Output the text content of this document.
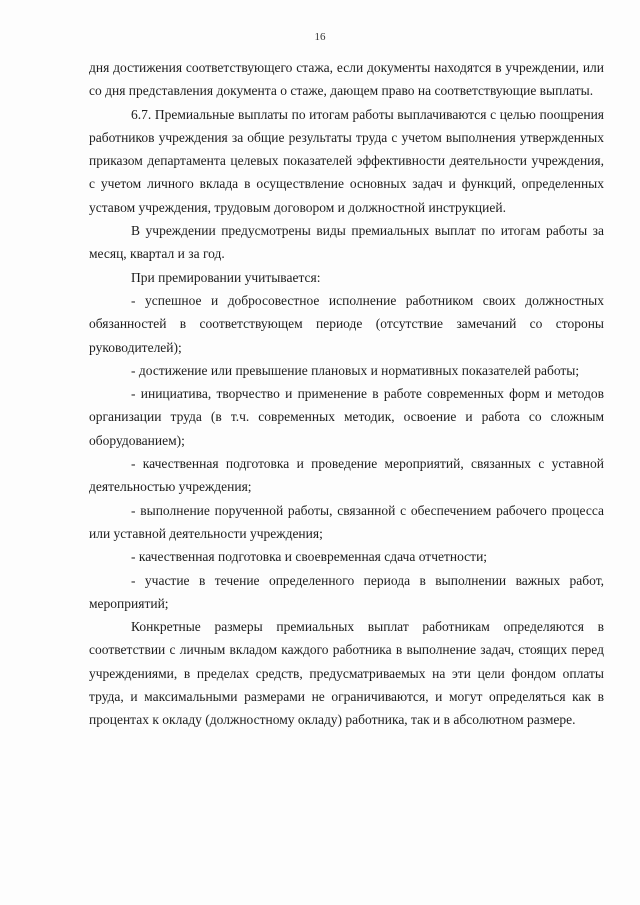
16

дня достижения соответствующего стажа, если документы находятся в учреждении, или со дня представления документа о стаже, дающем право на соответствующие выплаты.

6.7. Премиальные выплаты по итогам работы выплачиваются с целью поощрения работников учреждения за общие результаты труда с учетом выполнения утвержденных приказом департамента целевых показателей эффективности деятельности учреждения, с учетом личного вклада в осуществление основных задач и функций, определенных уставом учреждения, трудовым договором и должностной инструкцией.

В учреждении предусмотрены виды премиальных выплат по итогам работы за месяц, квартал и за год.

При премировании учитывается:

- успешное и добросовестное исполнение работником своих должностных обязанностей в соответствующем периоде (отсутствие замечаний со стороны руководителей);

- достижение или превышение плановых и нормативных показателей работы;

- инициатива, творчество и применение в работе современных форм и методов организации труда (в т.ч. современных методик, освоение и работа со сложным оборудованием);

- качественная подготовка и проведение мероприятий, связанных с уставной деятельностью учреждения;

- выполнение порученной работы, связанной с обеспечением рабочего процесса или уставной деятельности учреждения;

- качественная подготовка и своевременная сдача отчетности;

- участие в течение определенного периода в выполнении важных работ, мероприятий;

Конкретные размеры премиальных выплат работникам определяются в соответствии с личным вкладом каждого работника в выполнение задач, стоящих перед учреждениями, в пределах средств, предусматриваемых на эти цели фондом оплаты труда, и максимальными размерами не ограничиваются, и могут определяться как в процентах к окладу (должностному окладу) работника, так и в абсолютном размере.
